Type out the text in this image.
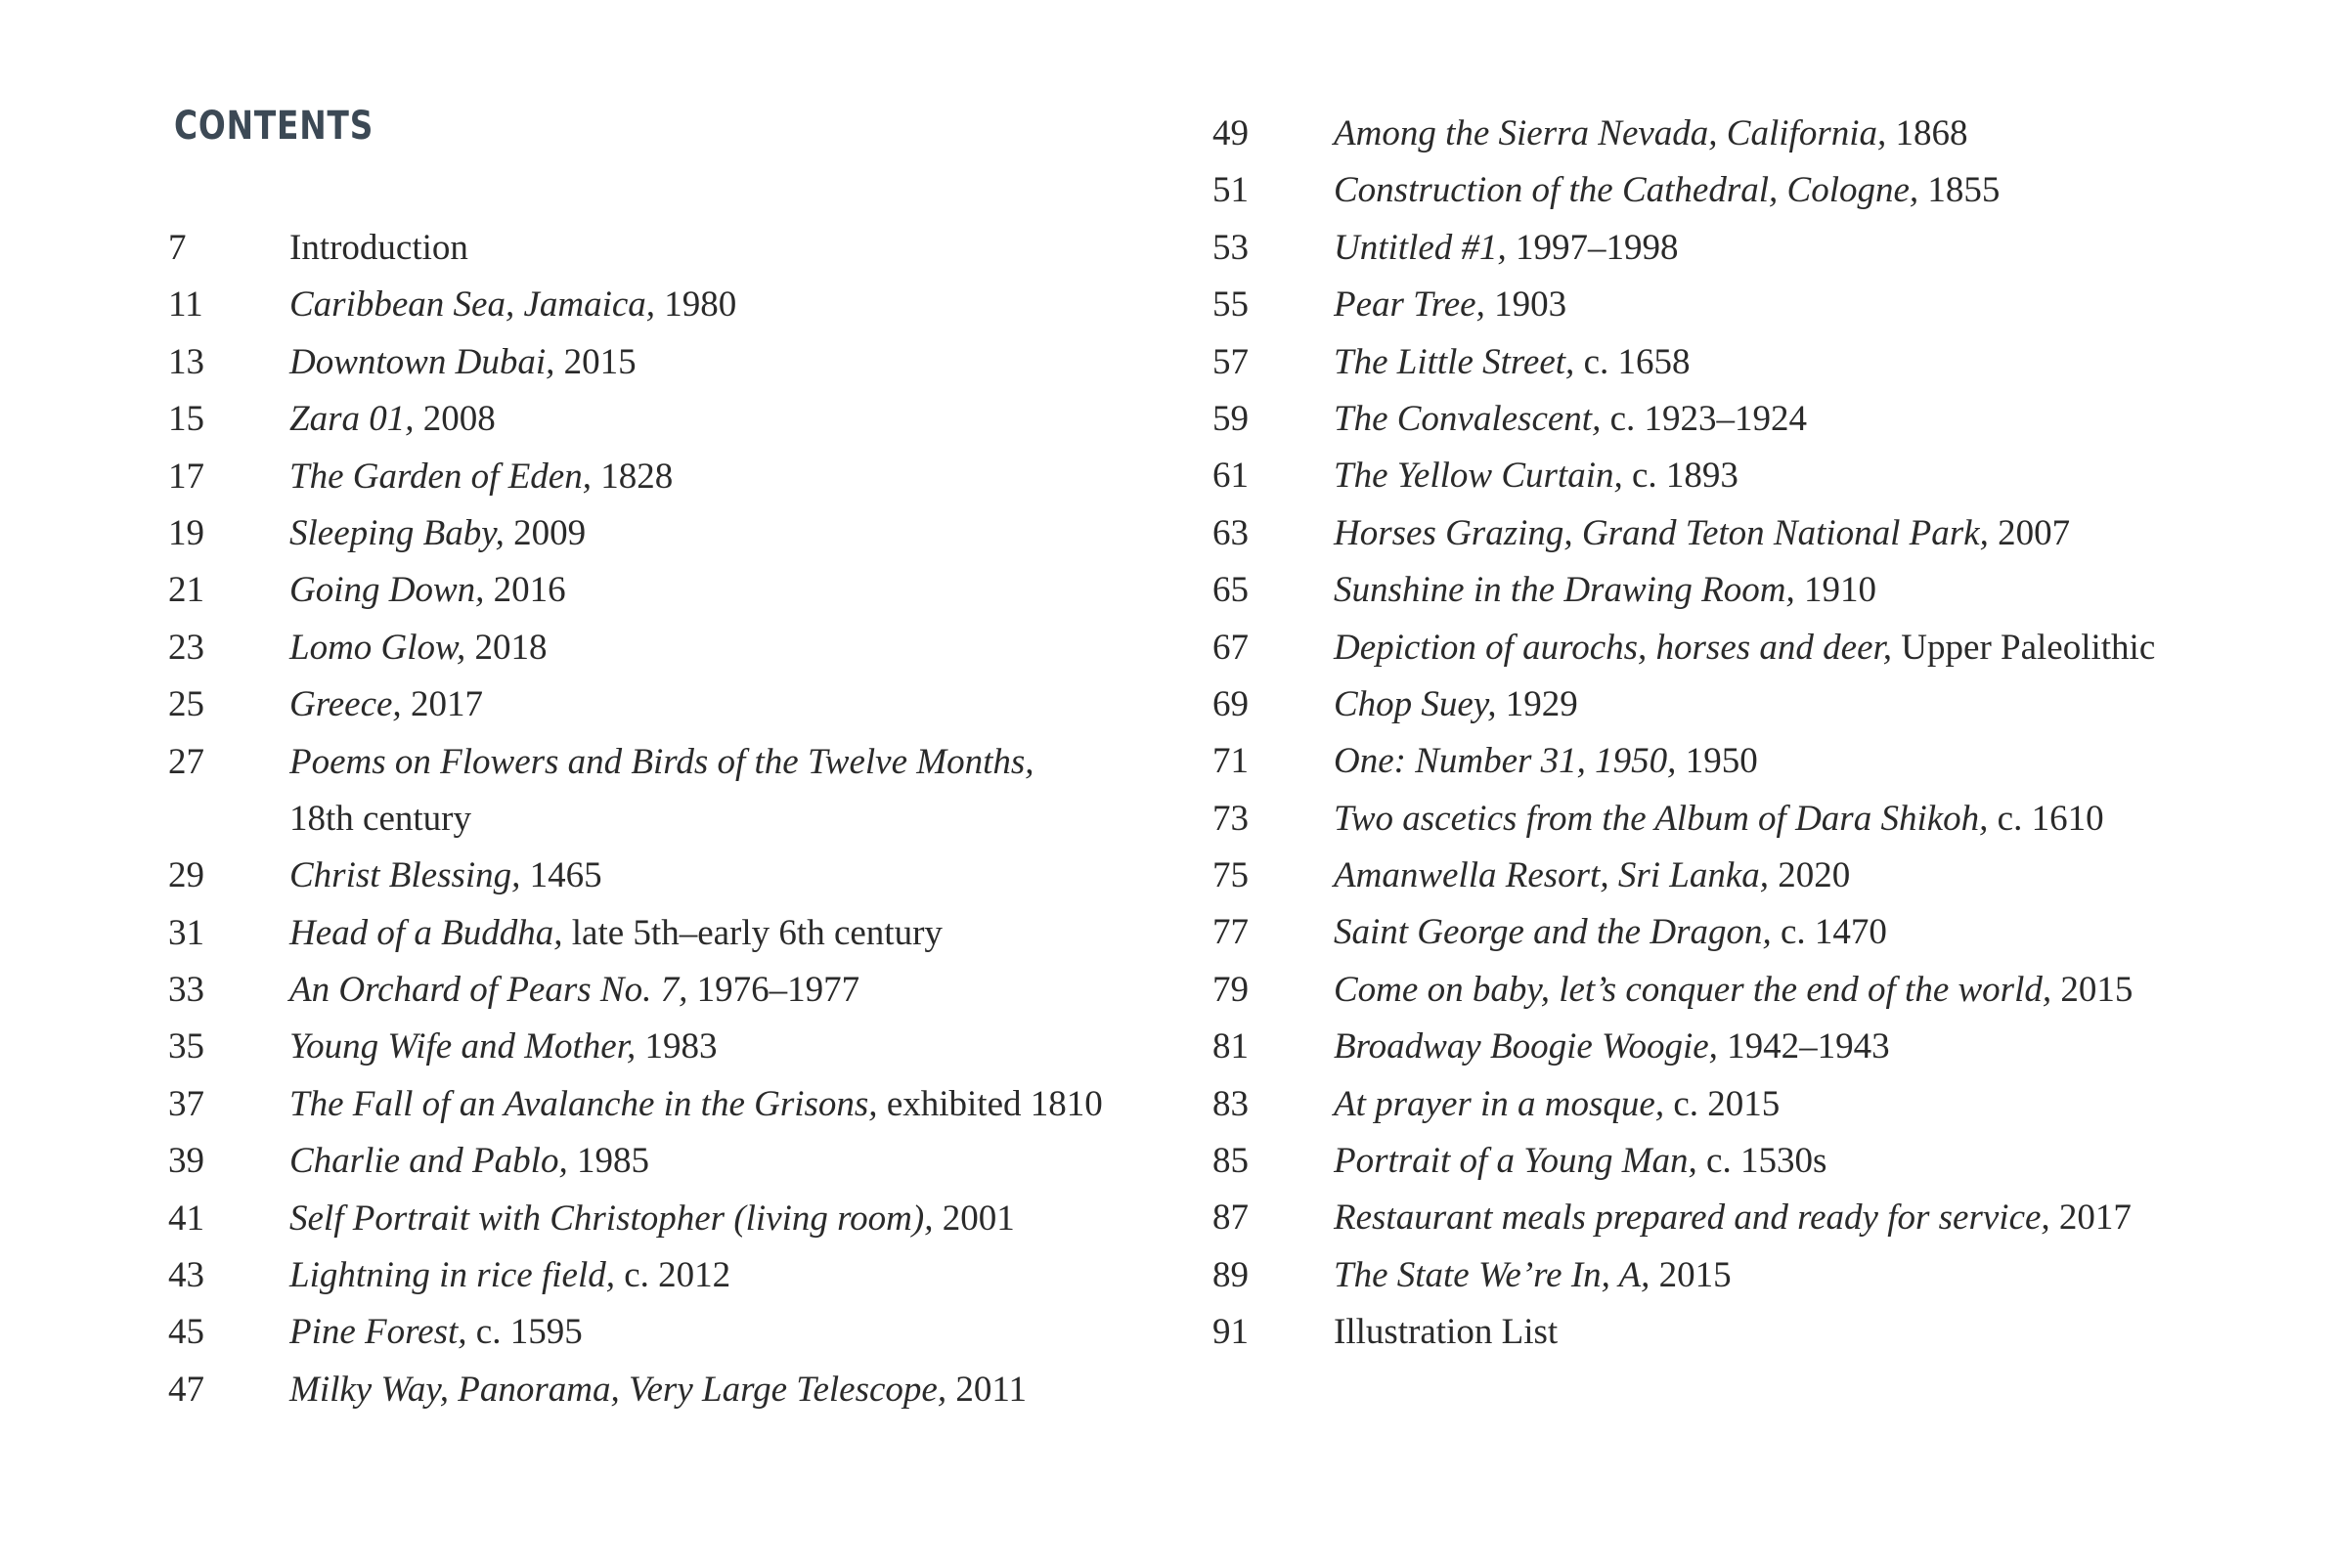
CONTENTS
7	Introduction
11 Caribbean Sea, Jamaica, 1980
13 Downtown Dubai, 2015
15 Zara 01, 2008
17 The Garden of Eden, 1828
19 Sleeping Baby, 2009
21 Going Down, 2016
23 Lomo Glow, 2018
25 Greece, 2017
27 Poems on Flowers and Birds of the Twelve Months,
18th century
29 Christ Blessing, 1465
31 Head of a Buddha, late 5th–early 6th century
33 An Orchard of Pears No. 7, 1976–1977
35 Young Wife and Mother, 1983
37 The Fall of an Avalanche in the Grisons, exhibited 1810
39 Charlie and Pablo, 1985
41 Self Portrait with Christopher (living room), 2001
43 Lightning in rice field, c. 2012
45 Pine Forest, c. 1595
47 Milky Way, Panorama, Very Large Telescope, 2011
49 Among the Sierra Nevada, California, 1868
51 Construction of the Cathedral, Cologne, 1855
53 Untitled #1, 1997–1998
55 Pear Tree, 1903
57 The Little Street, c. 1658
59 The Convalescent, c. 1923–1924
61 The Yellow Curtain, c. 1893
63 Horses Grazing, Grand Teton National Park, 2007
65 Sunshine in the Drawing Room, 1910
67 Depiction of aurochs, horses and deer, Upper Paleolithic
69 Chop Suey, 1929
71 One: Number 31, 1950, 1950
73 Two ascetics from the Album of Dara Shikoh, c. 1610
75 Amanwella Resort, Sri Lanka, 2020
77 Saint George and the Dragon, c. 1470
79 Come on baby, let’s conquer the end of the world, 2015
81 Broadway Boogie Woogie, 1942–1943
83 At prayer in a mosque, c. 2015
85 Portrait of a Young Man, c. 1530s
87 Restaurant meals prepared and ready for service, 2017
89 The State We’re In, A, 2015
91 Illustration List
